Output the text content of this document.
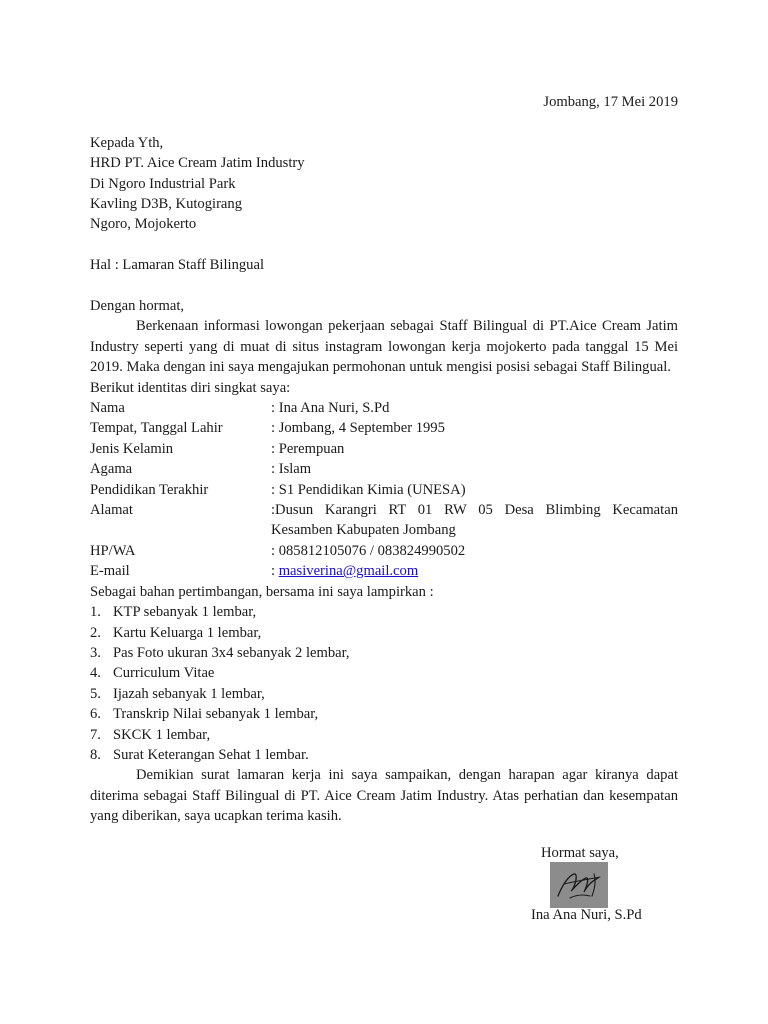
Jombang, 17 Mei 2019
Kepada Yth,
HRD PT. Aice Cream Jatim Industry
Di Ngoro Industrial Park
Kavling D3B, Kutogirang
Ngoro, Mojokerto
Hal : Lamaran Staff Bilingual
Dengan hormat,
Berkenaan informasi lowongan pekerjaan sebagai Staff Bilingual di PT.Aice Cream Jatim Industry seperti yang di muat di situs instagram lowongan kerja mojokerto pada tanggal 15 Mei 2019. Maka dengan ini saya mengajukan permohonan untuk mengisi posisi sebagai Staff Bilingual.
Berikut identitas diri singkat saya:
Nama	: Ina Ana Nuri, S.Pd
Tempat, Tanggal Lahir	: Jombang, 4 September 1995
Jenis Kelamin	: Perempuan
Agama	: Islam
Pendidikan Terakhir	: S1 Pendidikan Kimia (UNESA)
Alamat	:Dusun Karangri RT 01 RW 05 Desa Blimbing Kecamatan
Kesamben Kabupaten Jombang
HP/WA	: 085812105076 / 083824990502
E-mail	: masiverina@gmail.com
Sebagai bahan pertimbangan, bersama ini saya lampirkan :
1. KTP sebanyak 1 lembar,
2. Kartu Keluarga 1 lembar,
3. Pas Foto ukuran 3x4 sebanyak 2 lembar,
4. Curriculum Vitae
5. Ijazah sebanyak 1 lembar,
6. Transkrip Nilai sebanyak 1 lembar,
7. SKCK 1 lembar,
8. Surat Keterangan Sehat 1 lembar.
Demikian surat lamaran kerja ini saya sampaikan, dengan harapan agar kiranya dapat diterima sebagai Staff Bilingual di PT. Aice Cream Jatim Industry. Atas perhatian dan kesempatan yang diberikan, saya ucapkan terima kasih.
Hormat saya,
Ina Ana Nuri, S.Pd
